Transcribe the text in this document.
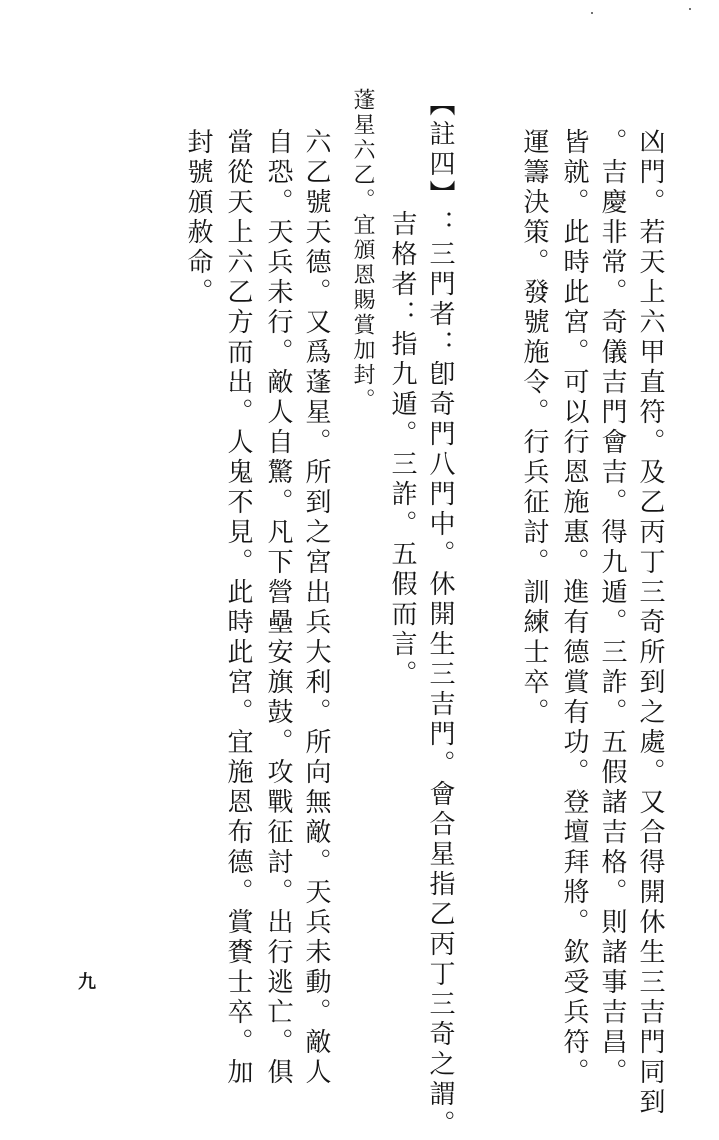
凶門。若天上六甲直符。及乙丙丁三奇所到之處。又合得開休生三吉門同到
。吉慶非常。奇儀吉門會吉。得九遁。三詐。五假諸吉格。則諸事吉昌。
皆就。此時此宮。可以行恩施惠。進有德賞有功。登壇拜將。欽受兵符。
運籌決策。發號施令。行兵征討。訓練士卒。
【註四】：三門者：卽奇門八門中。休開生三吉門。會合星指乙丙丁三奇之謂。
吉格者：指九遁。三詐。五假而言。
蓬星六乙。宜頒恩賜賞加封。
六乙號天德。又爲蓬星。所到之宮出兵大利。所向無敵。天兵未動。敵人
自恐。天兵未行。敵人自驚。凡下營壘安旗鼓。攻戰征討。出行逃亡。俱
當從天上六乙方而出。人鬼不見。此時此宮。宜施恩布德。賞賚士卒。加
封號頒赦命。
九
